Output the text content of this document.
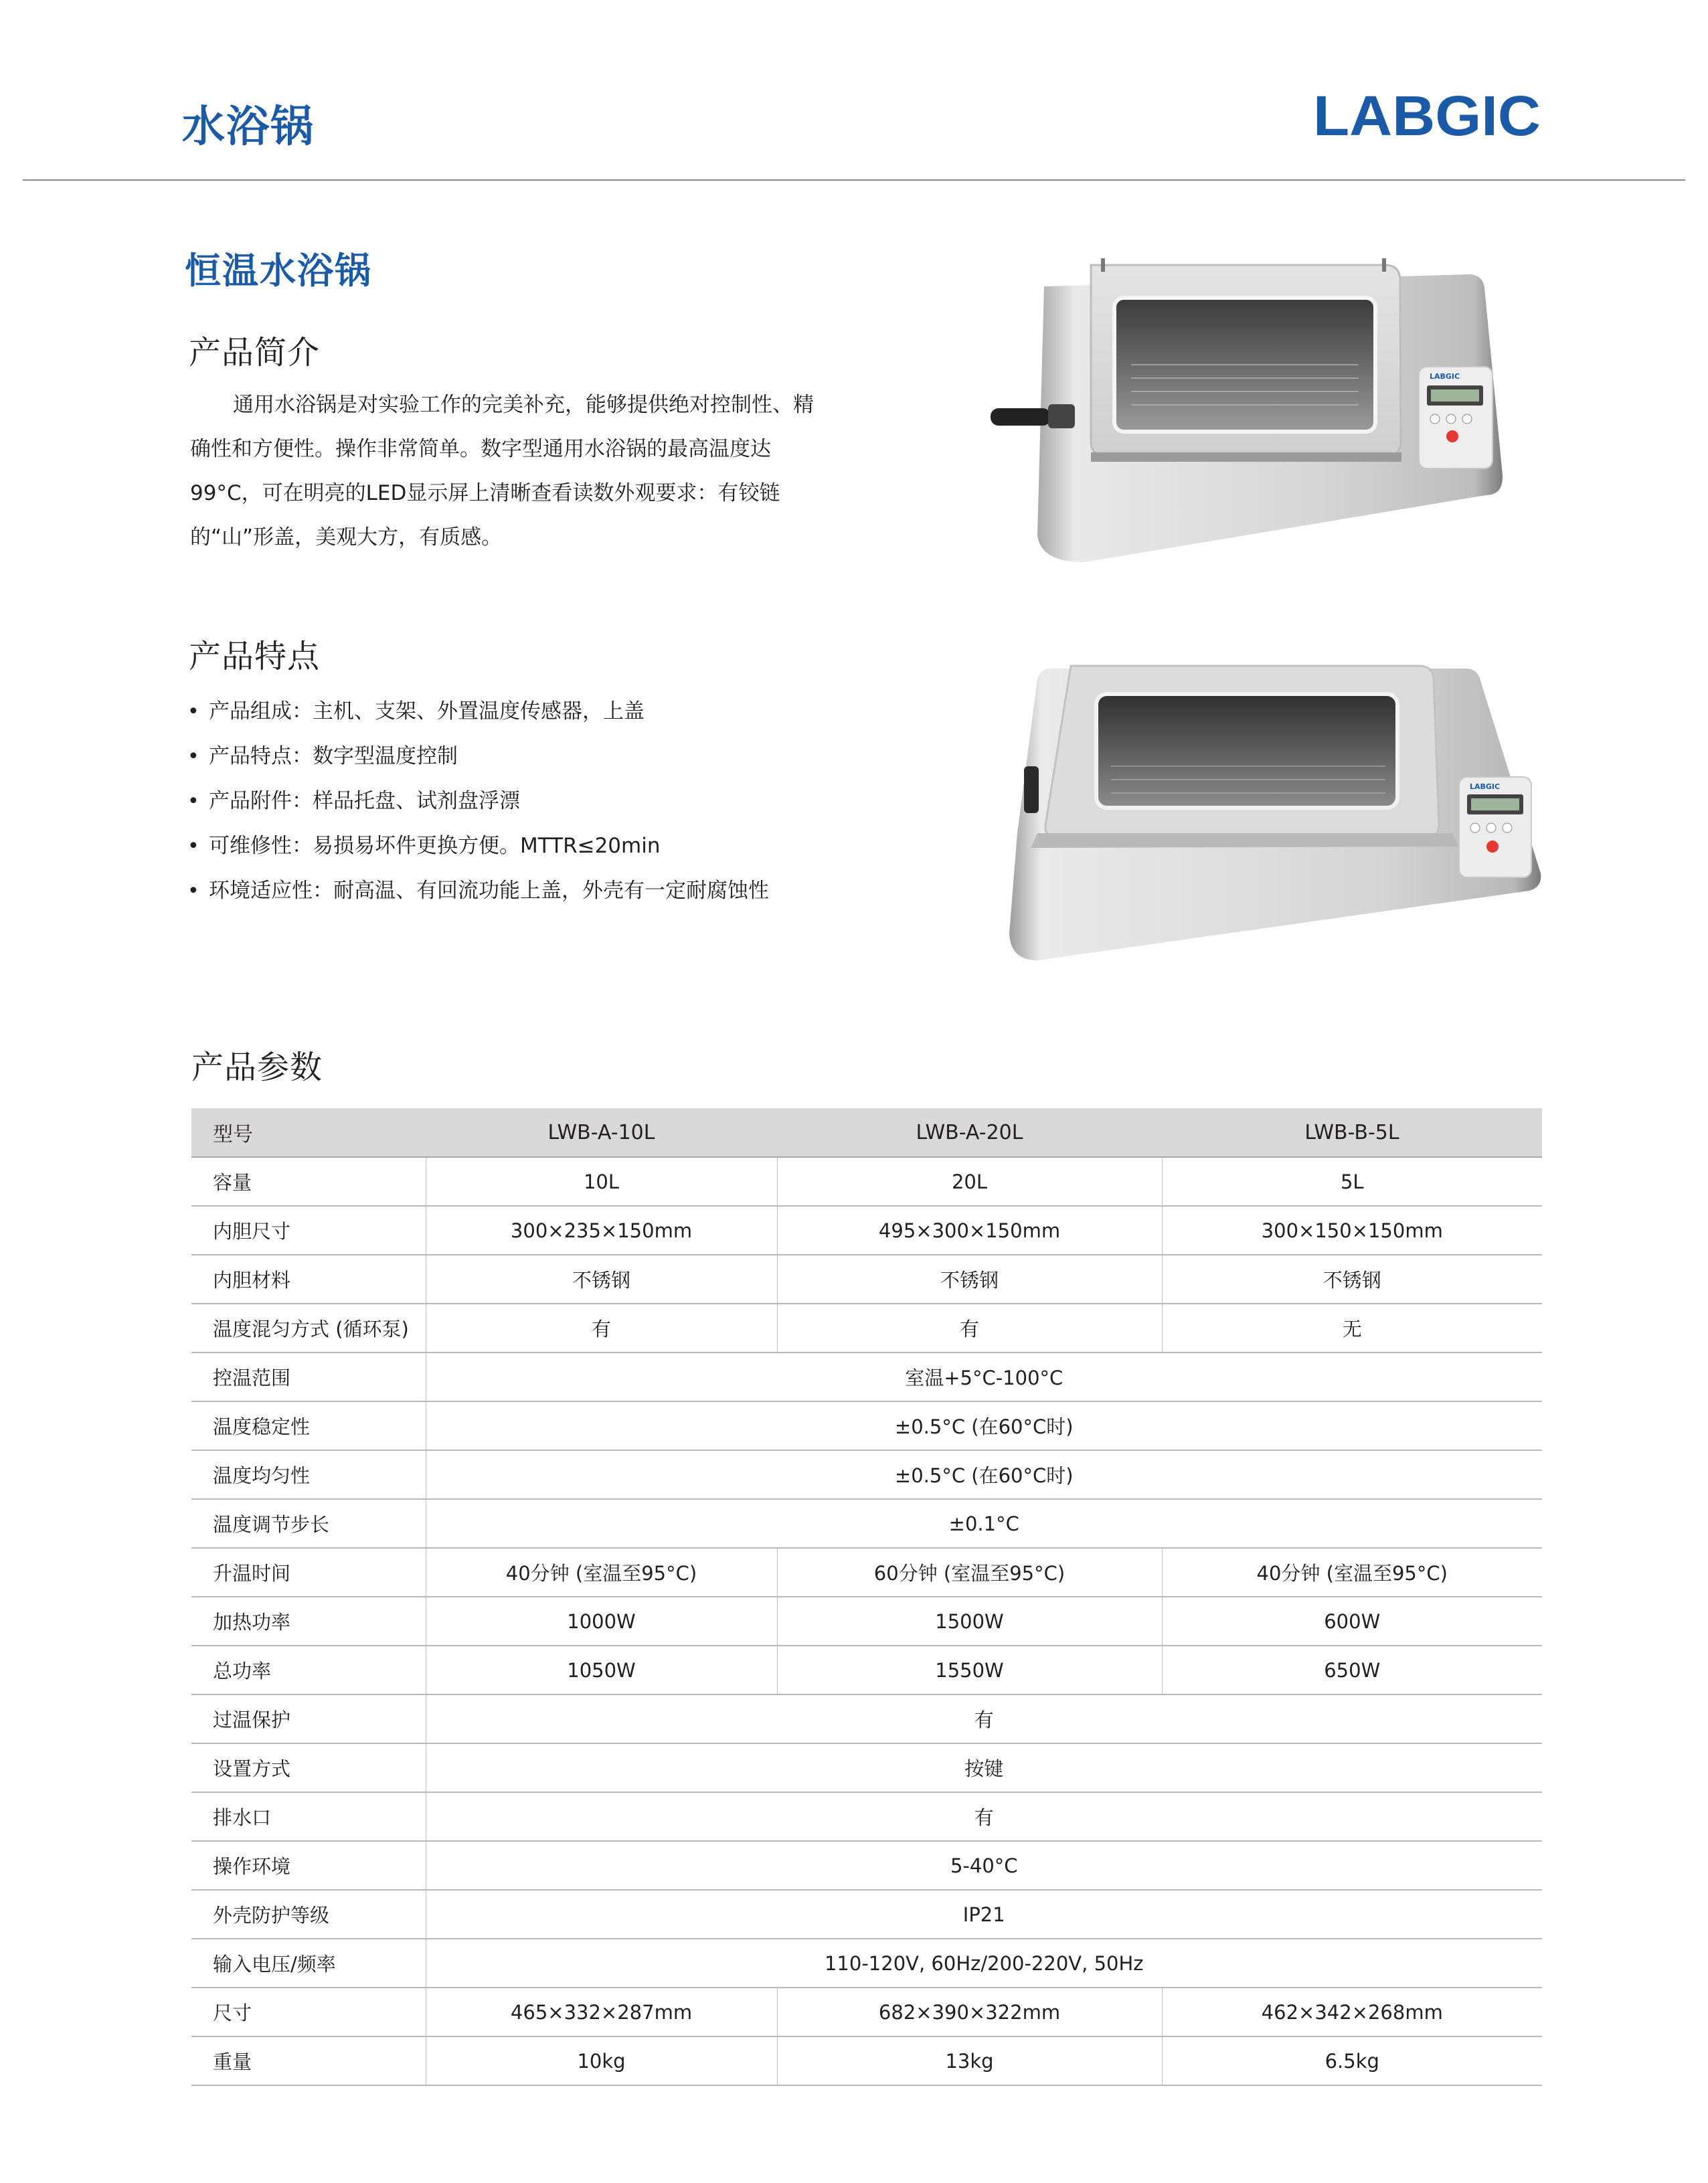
水浴锅	LABGIC
恒温水浴锅
产品简介
通用水浴锅是对实验工作的完美补充，能够提供绝对控制性、精确性和方便性。操作非常简单。数字型通用水浴锅的最高温度达99°C，可在明亮的LED显示屏上清晰查看读数外观要求：有铰链的“山”形盖，美观大方，有质感。
LABGIC
产品特点
• 产品组成：主机、支架、外置温度传感器，上盖
• 产品特点：数字型温度控制
• 产品附件：样品托盘、试剂盘浮漂
• 可维修性：易损易坏件更换方便。MTTR≤20min
• 环境适应性：耐高温、有回流功能上盖，外壳有一定耐腐蚀性
LABGIC
产品参数
型号	LWB-A-10L	LWB-A-20L	LWB-B-5L
容量	10L	20L	5L
内胆尺寸	300×235×150mm	495×300×150mm	300×150×150mm
内胆材料	不锈钢	不锈钢	不锈钢
温度混匀方式 (循环泵)	有	有	无
控温范围	室温+5°C-100°C		
温度稳定性	±0.5°C (在60°C时)		
温度均匀性	±0.5°C (在60°C时)		
温度调节步长	±0.1°C		
升温时间	40分钟 (室温至95°C)	60分钟 (室温至95°C)	40分钟 (室温至95°C)
加热功率	1000W	1500W	600W
总功率	1050W	1550W	650W
过温保护	有		
设置方式	按键		
排水口	有		
操作环境	5-40°C		
外壳防护等级	IP21		
输入电压/频率	110-120V, 60Hz/200-220V, 50Hz		
尺寸	465×332×287mm	682×390×322mm	462×342×268mm
重量	10kg	13kg	6.5kg
